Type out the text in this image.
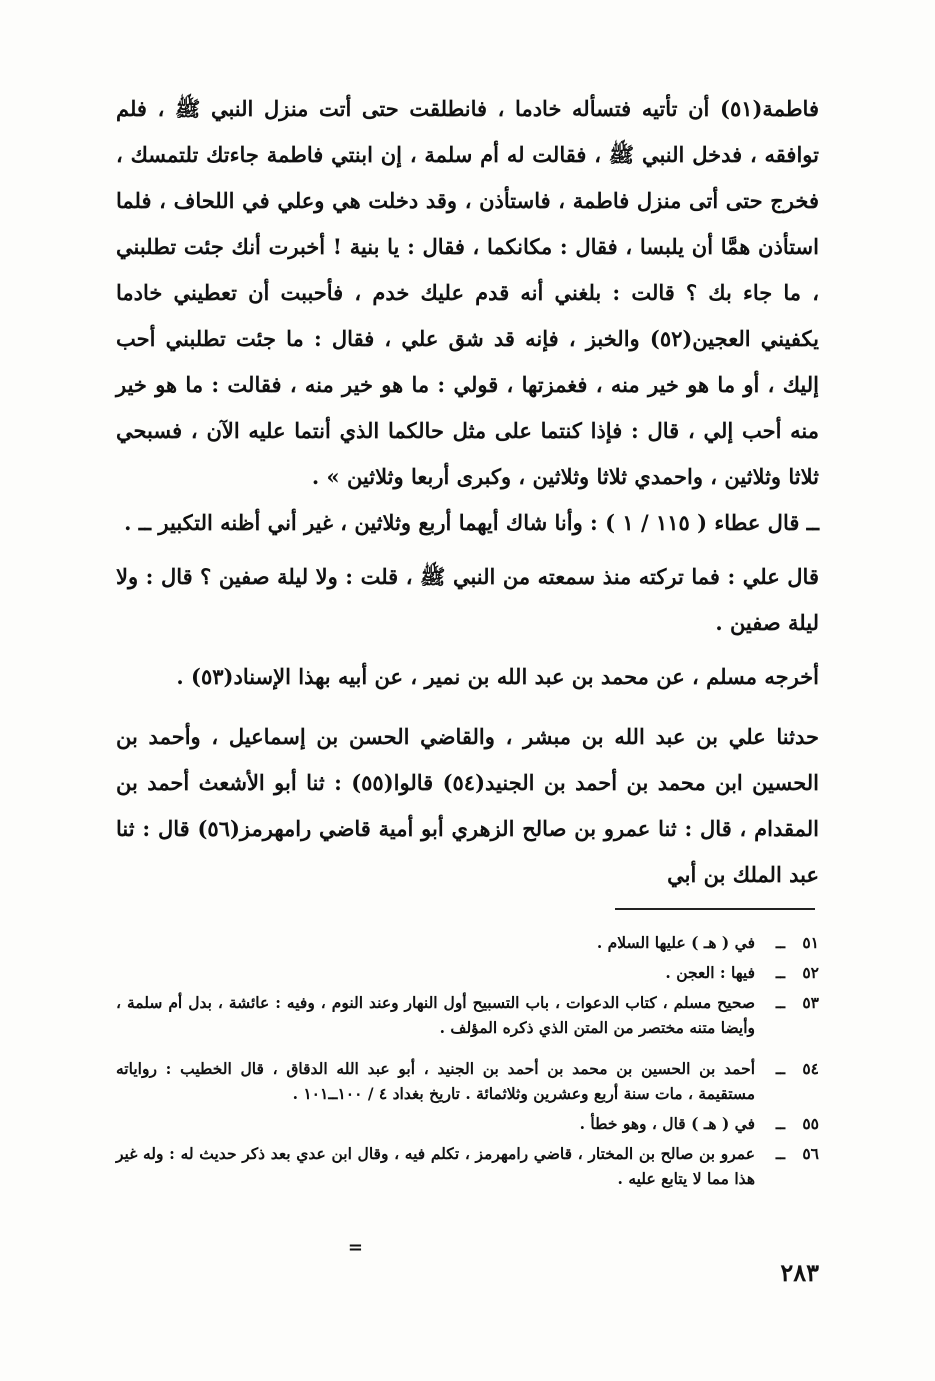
فاطمة(٥١) أن تأتيه فتسأله خادما ، فانطلقت حتى أتت منزل النبي ﷺ ، فلم توافقه ، فدخل النبي ﷺ ، فقالت له أم سلمة ، إن ابنتي فاطمة جاءتك تلتمسك ، فخرج حتى أتى منزل فاطمة ، فاستأذن ، وقد دخلت هي وعلي في اللحاف ، فلما استأذن همَّا أن يلبسا ، فقال : مكانكما ، فقال : يا بنية ! أخبرت أنك جئت تطلبني ، ما جاء بك ؟ قالت : بلغني أنه قدم عليك خدم ، فأحببت أن تعطيني خادما يكفيني العجين(٥٢) والخبز ، فإنه قد شق علي ، فقال : ما جئت تطلبني أحب إليك ، أو ما هو خير منه ، فغمزتها ، قولي : ما هو خير منه ، فقالت : ما هو خير منه أحب إلي ، قال : فإذا كنتما على مثل حالكما الذي أنتما عليه الآن ، فسبحي ثلاثا وثلاثين ، واحمدي ثلاثا وثلاثين ، وكبرى أربعا وثلاثين » .

ــ قال عطاء ( ١١٥ / ١ ) : وأنا شاك أيهما أربع وثلاثين ، غير أني أظنه التكبير ــ .

قال علي : فما تركته منذ سمعته من النبي ﷺ ، قلت : ولا ليلة صفين ؟ قال : ولا ليلة صفين .

أخرجه مسلم ، عن محمد بن عبد الله بن نمير ، عن أبيه بهذا الإسناد(٥٣) .

حدثنا علي بن عبد الله بن مبشر ، والقاضي الحسن بن إسماعيل ، وأحمد بن الحسين ابن محمد بن أحمد بن الجنيد(٥٤) قالوا(٥٥) : ثنا أبو الأشعث أحمد بن المقدام ، قال : ثنا عمرو بن صالح الزهري أبو أمية قاضي رامهرمز(٥٦) قال : ثنا عبد الملك بن أبي

٥١
ــ
في ( هـ ) عليها السلام .
٥٢
ــ
فيها : العجن .
٥٣
ــ
صحيح مسلم ، كتاب الدعوات ، باب التسبيح أول النهار وعند النوم ، وفيه : عائشة ، بدل أم سلمة ، وأيضا متنه مختصر من المتن الذي ذكره المؤلف .
٥٤
ــ
أحمد بن الحسين بن محمد بن أحمد بن الجنيد ، أبو عبد الله الدقاق ، قال الخطيب : رواياته مستقيمة ، مات سنة أربع وعشرين وثلاثمائة . تاريخ بغداد ٤ / ١٠٠ــ١٠١ .
٥٥
ــ
في ( هـ ) قال ، وهو خطأ .
٥٦
ــ
عمرو بن صالح بن المختار ، قاضي رامهرمز ، تكلم فيه ، وقال ابن عدي بعد ذكر حديث له : وله غير هذا مما لا يتابع عليه .
=
٢٨٣
